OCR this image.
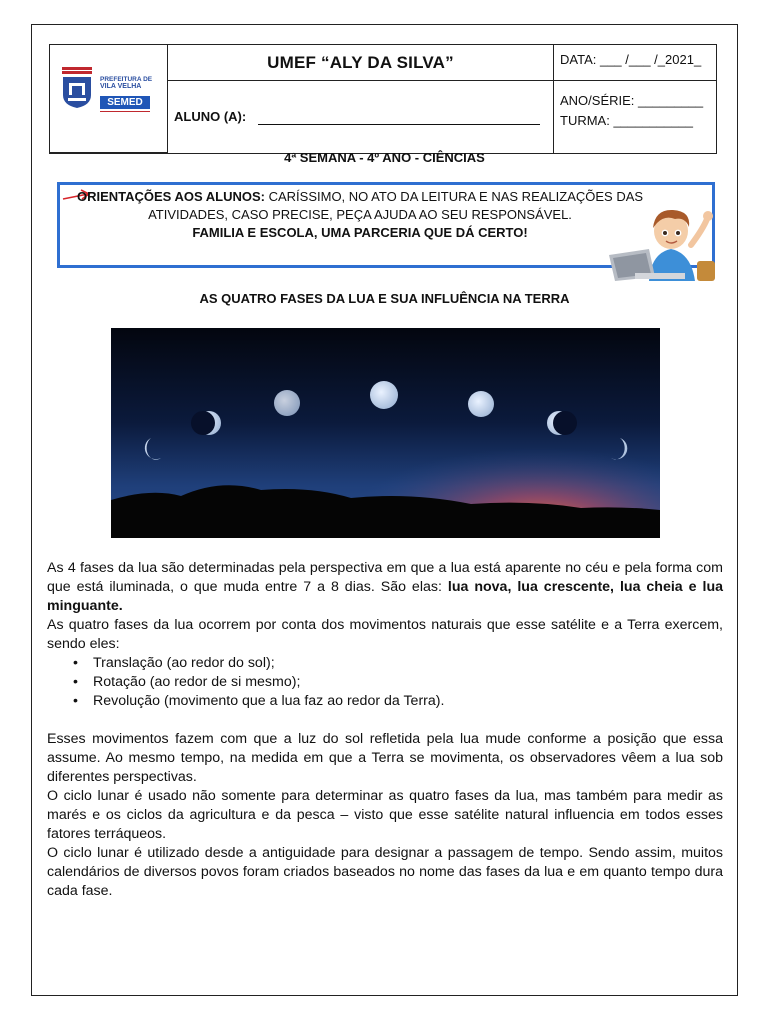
PREFEITURA DE
VILA VELHA
SEMED
UMEF “ALY DA SILVA”	DATA: ___ /___ /_2021_
ALUNO (A):
ANO/SÉRIE: _________
TURMA: ___________
4ª SEMANA - 4º ANO - CIÊNCIAS
ORIENTAÇÕES AOS ALUNOS: CARÍSSIMO, NO ATO DA LEITURA E NAS REALIZAÇÕES DAS
ATIVIDADES, CASO PRECISE, PEÇA AJUDA AO SEU RESPONSÁVEL.
FAMILIA E ESCOLA, UMA PARCERIA QUE DÁ CERTO!
AS QUATRO FASES DA LUA E SUA INFLUÊNCIA NA TERRA

As 4 fases da lua são determinadas pela perspectiva em que a lua está aparente no céu e pela forma com que está iluminada, o que muda entre 7 a 8 dias. São elas: lua nova, lua crescente, lua cheia e lua minguante.

As quatro fases da lua ocorrem por conta dos movimentos naturais que esse satélite e a Terra exercem, sendo eles:

• Translação (ao redor do sol);
• Rotação (ao redor de si mesmo);
• Revolução (movimento que a lua faz ao redor da Terra).

Esses movimentos fazem com que a luz do sol refletida pela lua mude conforme a posição que essa assume. Ao mesmo tempo, na medida em que a Terra se movimenta, os observadores vêem a lua sob diferentes perspectivas.

O ciclo lunar é usado não somente para determinar as quatro fases da lua, mas também para medir as marés e os ciclos da agricultura e da pesca – visto que esse satélite natural influencia em todos esses fatores terráqueos.

O ciclo lunar é utilizado desde a antiguidade para designar a passagem de tempo. Sendo assim, muitos calendários de diversos povos foram criados baseados no nome das fases da lua e em quanto tempo dura cada fase.
